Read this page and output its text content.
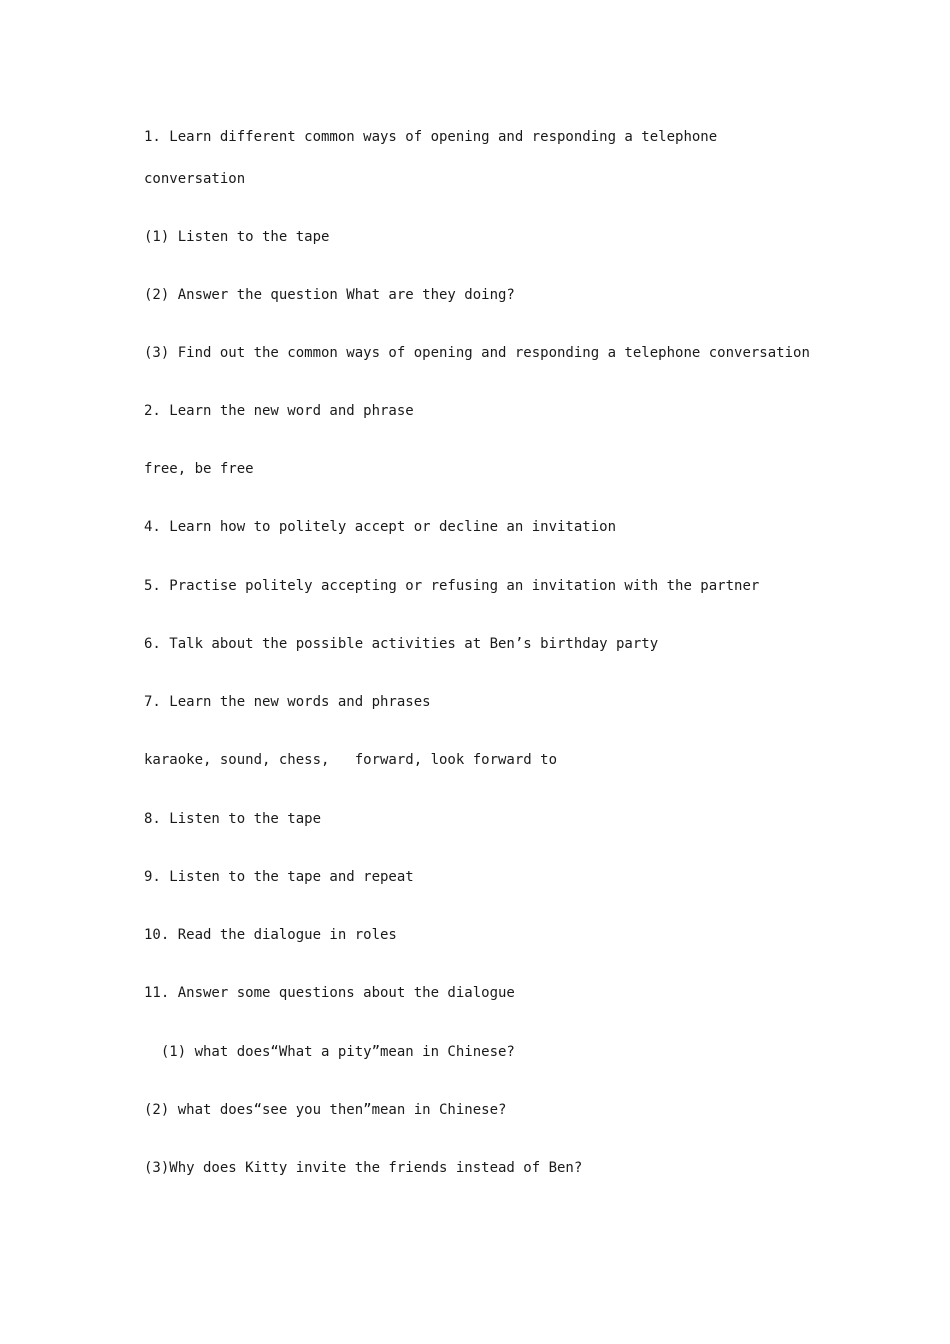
1. Learn different common ways of opening and responding a telephone
conversation
(1) Listen to the tape
(2) Answer the question What are they doing?
(3) Find out the common ways of opening and responding a telephone conversation
2. Learn the new word and phrase
free, be free
4. Learn how to politely accept or decline an invitation
5. Practise politely accepting or refusing an invitation with the partner
6. Talk about the possible activities at Ben’s birthday party
7. Learn the new words and phrases
karaoke, sound, chess,   forward, look forward to
8. Listen to the tape
9. Listen to the tape and repeat
10. Read the dialogue in roles
11. Answer some questions about the dialogue
(1) what does“What a pity”mean in Chinese?
(2) what does“see you then”mean in Chinese?
(3)Why does Kitty invite the friends instead of Ben?
